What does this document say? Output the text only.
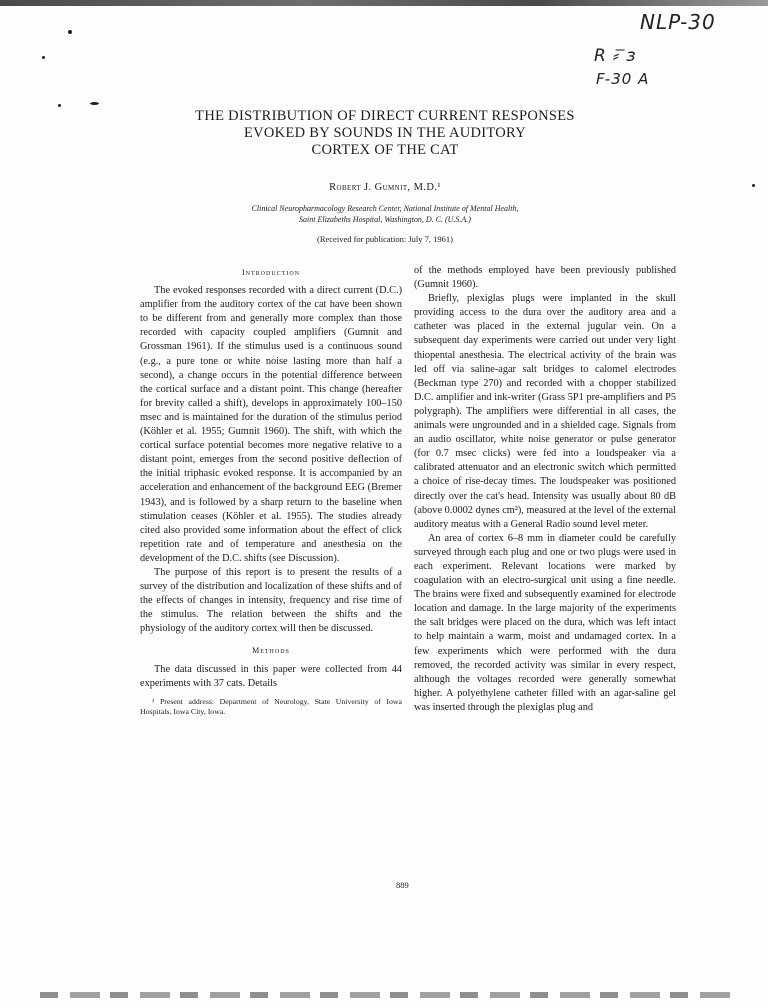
NLP-30
R ⸗͞ ɜ
F-30 A
THE DISTRIBUTION OF DIRECT CURRENT RESPONSES
EVOKED BY SOUNDS IN THE AUDITORY
CORTEX OF THE CAT
Robert J. Gumnit, M.D.¹
Clinical Neuropharmacology Research Center, National Institute of Mental Health,
Saint Elizabeths Hospital, Washington, D. C. (U.S.A.)
(Received for publication: July 7, 1961)
Introduction

The evoked responses recorded with a direct current (D.C.) amplifier from the auditory cortex of the cat have been shown to be different from and generally more complex than those recorded with capacity coupled amplifiers (Gumnit and Grossman 1961). If the stimulus used is a continuous sound (e.g., a pure tone or white noise lasting more than half a second), a change occurs in the potential difference between the cortical surface and a distant point. This change (hereafter for brevity called a shift), develops in approximately 100–150 msec and is maintained for the duration of the stimulus period (Köhler et al. 1955; Gumnit 1960). The shift, with which the cortical surface potential becomes more negative relative to a distant point, emerges from the second positive deflection of the initial triphasic evoked response. It is accompanied by an acceleration and enhancement of the background EEG (Bremer 1943), and is followed by a sharp return to the baseline when stimulation ceases (Köhler et al. 1955). The studies already cited also provided some information about the effect of click repetition rate and of temperature and anesthesia on the development of the D.C. shifts (see Discussion).

The purpose of this report is to present the results of a survey of the distribution and localization of these shifts and of the effects of changes in intensity, frequency and rise time of the stimulus. The relation between the shifts and the physiology of the auditory cortex will then be discussed.

Methods

The data discussed in this paper were collected from 44 experiments with 37 cats. Details

¹ Present address: Department of Neurology, State University of Iowa Hospitals, Iowa City, Iowa.

of the methods employed have been previously published (Gumnit 1960).

Briefly, plexiglas plugs were implanted in the skull providing access to the dura over the auditory area and a catheter was placed in the external jugular vein. On a subsequent day experiments were carried out under very light thiopental anesthesia. The electrical activity of the brain was led off via saline-agar salt bridges to calomel electrodes (Beckman type 270) and recorded with a chopper stabilized D.C. amplifier and ink-writer (Grass 5P1 pre-amplifiers and P5 polygraph). The amplifiers were differential in all cases, the animals were ungrounded and in a shielded cage. Signals from an audio oscillator, white noise generator or pulse generator (for 0.7 msec clicks) were fed into a loudspeaker via a calibrated attenuator and an electronic switch which permitted a choice of rise-decay times. The loudspeaker was positioned directly over the cat's head. Intensity was usually about 80 dB (above 0.0002 dynes cm²), measured at the level of the external auditory meatus with a General Radio sound level meter.

An area of cortex 6–8 mm in diameter could be carefully surveyed through each plug and one or two plugs were used in each experiment. Relevant locations were marked by coagulation with an electro-surgical unit using a fine needle. The brains were fixed and subsequently examined for electrode location and damage. In the large majority of the experiments the salt bridges were placed on the dura, which was left intact to help maintain a warm, moist and undamaged cortex. In a few experiments which were performed with the dura removed, the recorded activity was similar in every respect, although the voltages recorded were generally somewhat higher. A polyethylene catheter filled with an agar-saline gel was inserted through the plexiglas plug and

889
